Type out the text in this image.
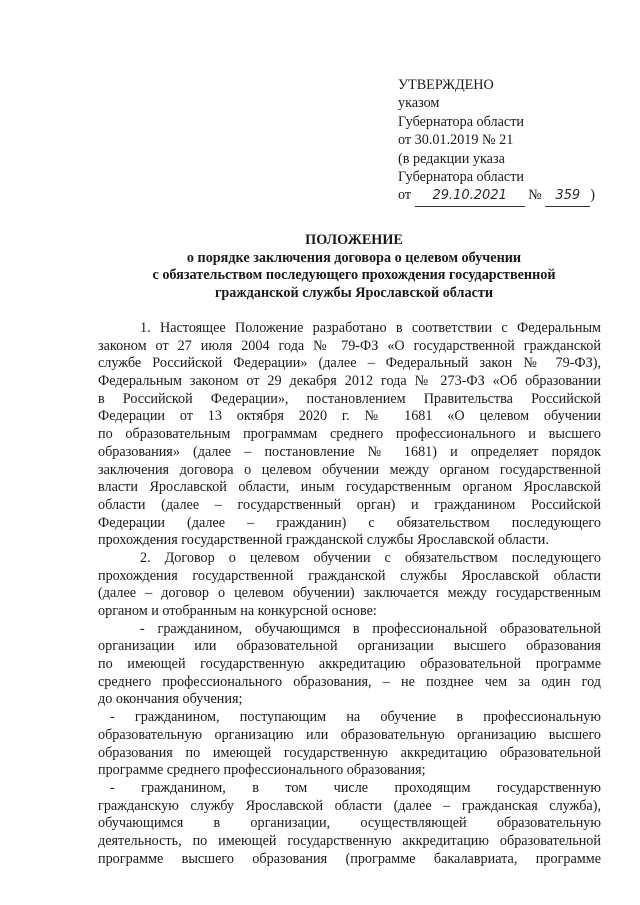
УТВЕРЖДЕНО
указом
Губернатора области
от 30.01.2019 № 21
(в редакции указа
Губернатора области
от 29.10.2021 № 359 )
ПОЛОЖЕНИЕ
о порядке заключения договора о целевом обучении
с обязательством последующего прохождения государственной
гражданской службы Ярославской области
1. Настоящее Положение разработано в соответствии с Федеральным
законом от 27 июля 2004 года № 79-ФЗ «О государственной гражданской
службе Российской Федерации» (далее – Федеральный закон № 79-ФЗ),
Федеральным законом от 29 декабря 2012 года № 273-ФЗ «Об образовании
в Российской Федерации», постановлением Правительства Российской
Федерации от 13 октября 2020 г. № 1681 «О целевом обучении
по образовательным программам среднего профессионального и высшего
образования» (далее – постановление № 1681) и определяет порядок
заключения договора о целевом обучении между органом государственной
власти Ярославской области, иным государственным органом Ярославской
области (далее – государственный орган) и гражданином Российской
Федерации (далее – гражданин) с обязательством последующего
прохождения государственной гражданской службы Ярославской области.
2. Договор о целевом обучении с обязательством последующего
прохождения государственной гражданской службы Ярославской области
(далее – договор о целевом обучении) заключается между государственным
органом и отобранным на конкурсной основе:
- гражданином, обучающимся в профессиональной образовательной
организации или образовательной организации высшего образования
по имеющей государственную аккредитацию образовательной программе
среднего профессионального образования, – не позднее чем за один год
до окончания обучения;
- гражданином, поступающим на обучение в профессиональную
образовательную организацию или образовательную организацию высшего
образования по имеющей государственную аккредитацию образовательной
программе среднего профессионального образования;
- гражданином, в том числе проходящим государственную
гражданскую службу Ярославской области (далее – гражданская служба),
обучающимся в организации, осуществляющей образовательную
деятельность, по имеющей государственную аккредитацию образовательной
программе высшего образования (программе бакалавриата, программе
